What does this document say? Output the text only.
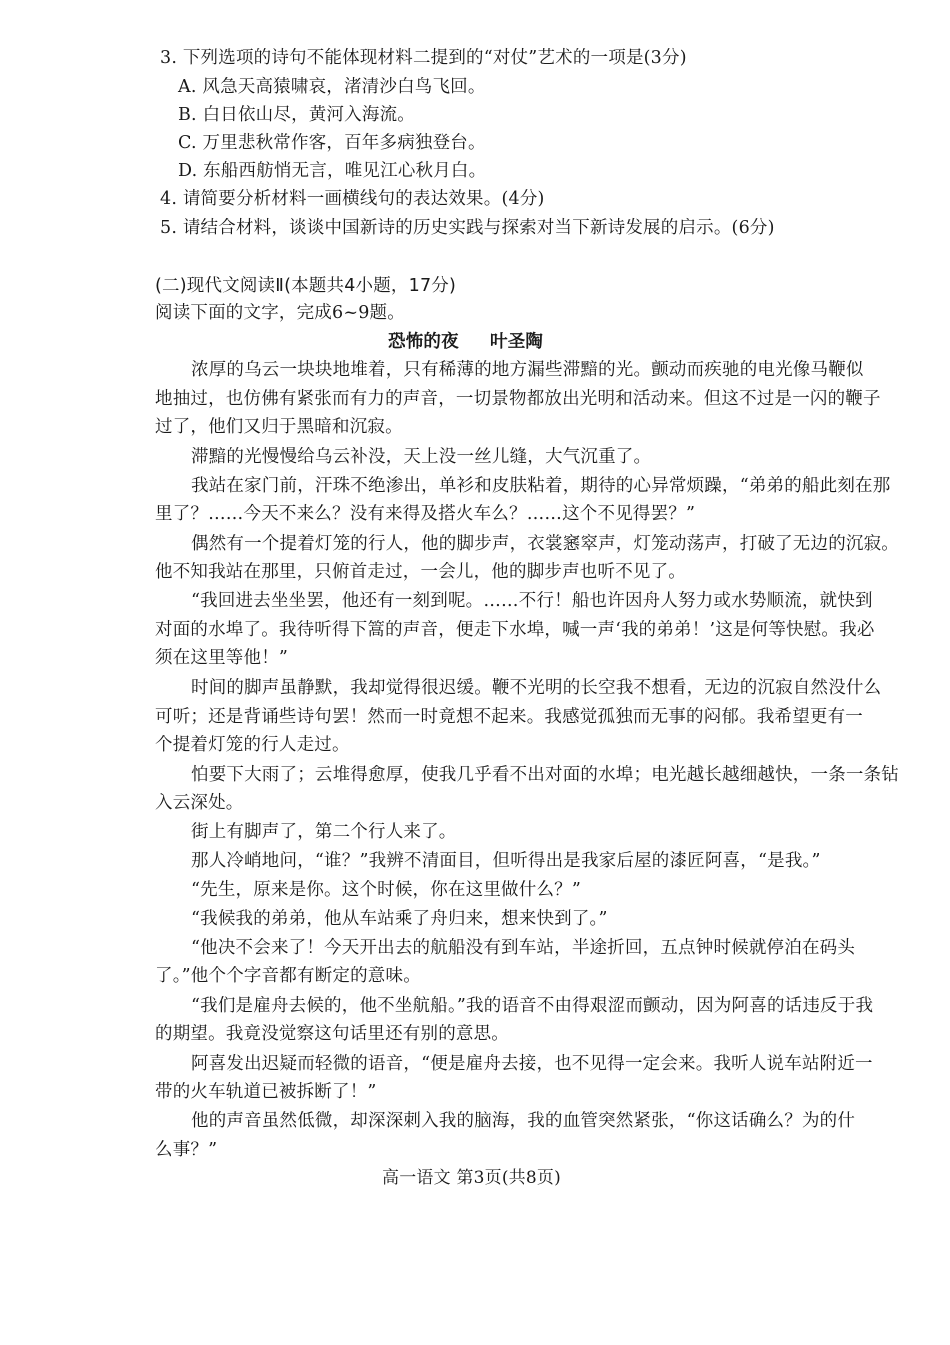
3. 下列选项的诗句不能体现材料二提到的“对仗”艺术的一项是(3分)
A. 风急天高猿啸哀，渚清沙白鸟飞回。
B. 白日依山尽，黄河入海流。
C. 万里悲秋常作客，百年多病独登台。
D. 东船西舫悄无言，唯见江心秋月白。
4. 请简要分析材料一画横线句的表达效果。(4分)
5. 请结合材料，谈谈中国新诗的历史实践与探索对当下新诗发展的启示。(6分)
(二)现代文阅读Ⅱ(本题共4小题，17分)
阅读下面的文字，完成6~9题。
恐怖的夜 叶圣陶
浓厚的乌云一块块地堆着，只有稀薄的地方漏些滞黯的光。颤动而疾驰的电光像马鞭似
地抽过，也仿佛有紧张而有力的声音，一切景物都放出光明和活动来。但这不过是一闪的鞭子
过了，他们又归于黑暗和沉寂。
滞黯的光慢慢给乌云补没，天上没一丝儿缝，大气沉重了。
我站在家门前，汗珠不绝渗出，单衫和皮肤粘着，期待的心异常烦躁，“弟弟的船此刻在那
里了？……今天不来么？没有来得及搭火车么？……这个不见得罢？”
偶然有一个提着灯笼的行人，他的脚步声，衣裳窸窣声，灯笼动荡声，打破了无边的沉寂。
他不知我站在那里，只俯首走过，一会儿，他的脚步声也听不见了。
“我回进去坐坐罢，他还有一刻到呢。……不行！船也许因舟人努力或水势顺流，就快到
对面的水埠了。我待听得下篙的声音，便走下水埠，喊一声‘我的弟弟！’这是何等快慰。我必
须在这里等他！”
时间的脚声虽静默，我却觉得很迟缓。鞭不光明的长空我不想看，无边的沉寂自然没什么
可听；还是背诵些诗句罢！然而一时竟想不起来。我感觉孤独而无事的闷郁。我希望更有一
个提着灯笼的行人走过。
怕要下大雨了；云堆得愈厚，使我几乎看不出对面的水埠；电光越长越细越快，一条一条钻
入云深处。
街上有脚声了，第二个行人来了。
那人冷峭地问，“谁？”我辨不清面目，但听得出是我家后屋的漆匠阿喜，“是我。”
“先生，原来是你。这个时候，你在这里做什么？”
“我候我的弟弟，他从车站乘了舟归来，想来快到了。”
“他决不会来了！今天开出去的航船没有到车站，半途折回，五点钟时候就停泊在码头
了。”他个个字音都有断定的意味。
“我们是雇舟去候的，他不坐航船。”我的语音不由得艰涩而颤动，因为阿喜的话违反于我
的期望。我竟没觉察这句话里还有别的意思。
阿喜发出迟疑而轻微的语音，“便是雇舟去接，也不见得一定会来。我听人说车站附近一
带的火车轨道已被拆断了！”
他的声音虽然低微，却深深刺入我的脑海，我的血管突然紧张，“你这话确么？为的什
么事？”
高一语文 第3页(共8页)
